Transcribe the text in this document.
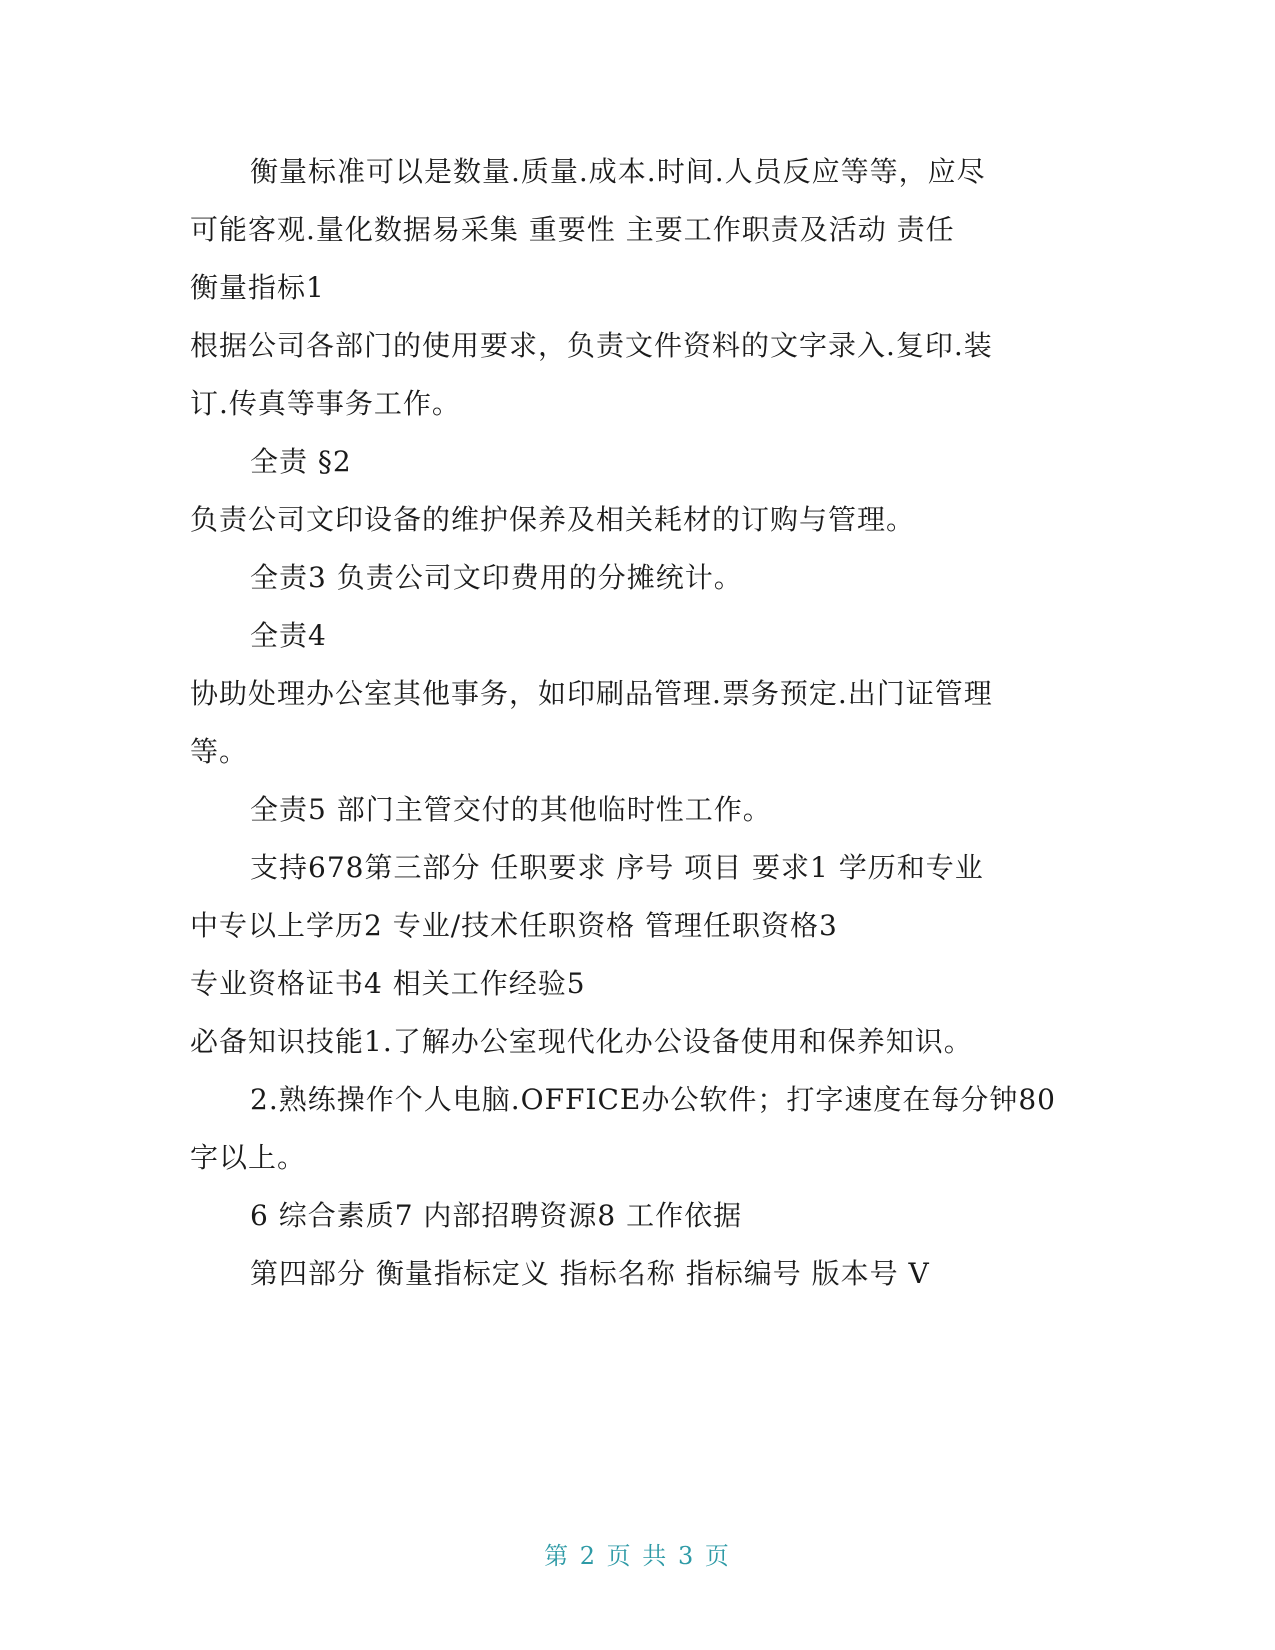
衡量标准可以是数量.质量.成本.时间.人员反应等等，应尽
可能客观.量化数据易采集 重要性 主要工作职责及活动 责任
衡量指标1
根据公司各部门的使用要求，负责文件资料的文字录入.复印.装
订.传真等事务工作。
全责 §2
负责公司文印设备的维护保养及相关耗材的订购与管理。
全责3 负责公司文印费用的分摊统计。
全责4
协助处理办公室其他事务，如印刷品管理.票务预定.出门证管理
等。
全责5 部门主管交付的其他临时性工作。
支持678第三部分 任职要求 序号 项目 要求1 学历和专业
中专以上学历2 专业/技术任职资格 管理任职资格3
专业资格证书4 相关工作经验5
必备知识技能1.了解办公室现代化办公设备使用和保养知识。
2.熟练操作个人电脑.OFFICE办公软件；打字速度在每分钟80
字以上。
6 综合素质7 内部招聘资源8 工作依据
第四部分 衡量指标定义 指标名称 指标编号 版本号 V
第 2 页 共 3 页
